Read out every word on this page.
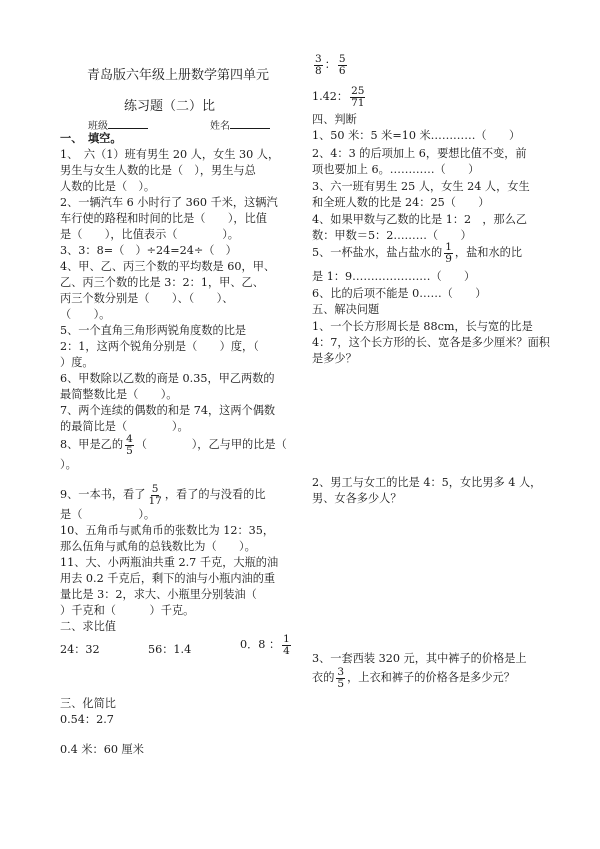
青岛版六年级上册数学第四单元
练习题（二）比
班级	姓名
一、　填空。
1、　六（1）班有男生 20 人，女生 30 人，
男生与女生人数的比是（　），男生与总
人数的比是（　）。
2、一辆汽车 6 小时行了 360 千米，这辆汽
车行使的路程和时间的比是（　　），比值
是（　　），比值表示（　　　　）。
3、3：8=（　）÷24=24÷（　）
4、甲、乙、丙三个数的平均数是 60，甲、
乙、丙三个数的比是 3：2：1，甲、乙、
丙三个数分别是（　　）、（　　）、
（　　）。
5、一个直角三角形两锐角度数的比是
2：1，这两个锐角分别是（　　）度，（
）度。
6、甲数除以乙数的商是 0.35，甲乙两数的
最简整数比是（　　）。
7、两个连续的偶数的和是 74，这两个偶数
的最简比是（　　　　）。
8、甲是乙的 $\frac{4}{5}$ （　　　　），乙与甲的比是（
）。
9、一本书，看了 $\frac{5}{17}$ ，看了的与没看的比
是（　　　　　）。
10、五角币与贰角币的张数比为 12：35，
那么伍角与贰角的总钱数比为（　　）。
11、大、小两瓶油共重 2.7 千克，大瓶的油
用去 0.2 千克后，剩下的油与小瓶内油的重
量比是 3：2，求大、小瓶里分别装油（
）千克和（　　　）千克。
二、求比值
24：32	56：1.4	0．8 ： $\frac{1}{4}$
三、化简比
0.54：2.7
0.4 米：60 厘米
$\frac{3}{8}$ ： $\frac{5}{6}$
1.42： $\frac{25}{71}$
四、判断
1、50 米：5 米=10 米…………（　　）
2、4：3 的后项加上 6，要想比值不变，前
项也要加上 6。…………（　　）
3、六一班有男生 25 人，女生 24 人，女生
和全班人数的比是 24：25（　　）
4、如果甲数与乙数的比是 1：2　，那么乙
数：甲数＝5：2………（　　）
5、一杯盐水，盐占盐水的 $\frac{1}{9}$ ，盐和水的比
是 1：9…………………（　　）
6、比的后项不能是 0……（　　）
五、解决问题
1、一个长方形周长是 88cm，长与宽的比是
4：7，这个长方形的长、宽各是多少厘米？面积
是多少？
2、男工与女工的比是 4：5，女比男多 4 人，
男、女各多少人？
3、一套西装 320 元，其中裤子的价格是上
衣的 $\frac{3}{5}$ ，上衣和裤子的价格各是多少元？
